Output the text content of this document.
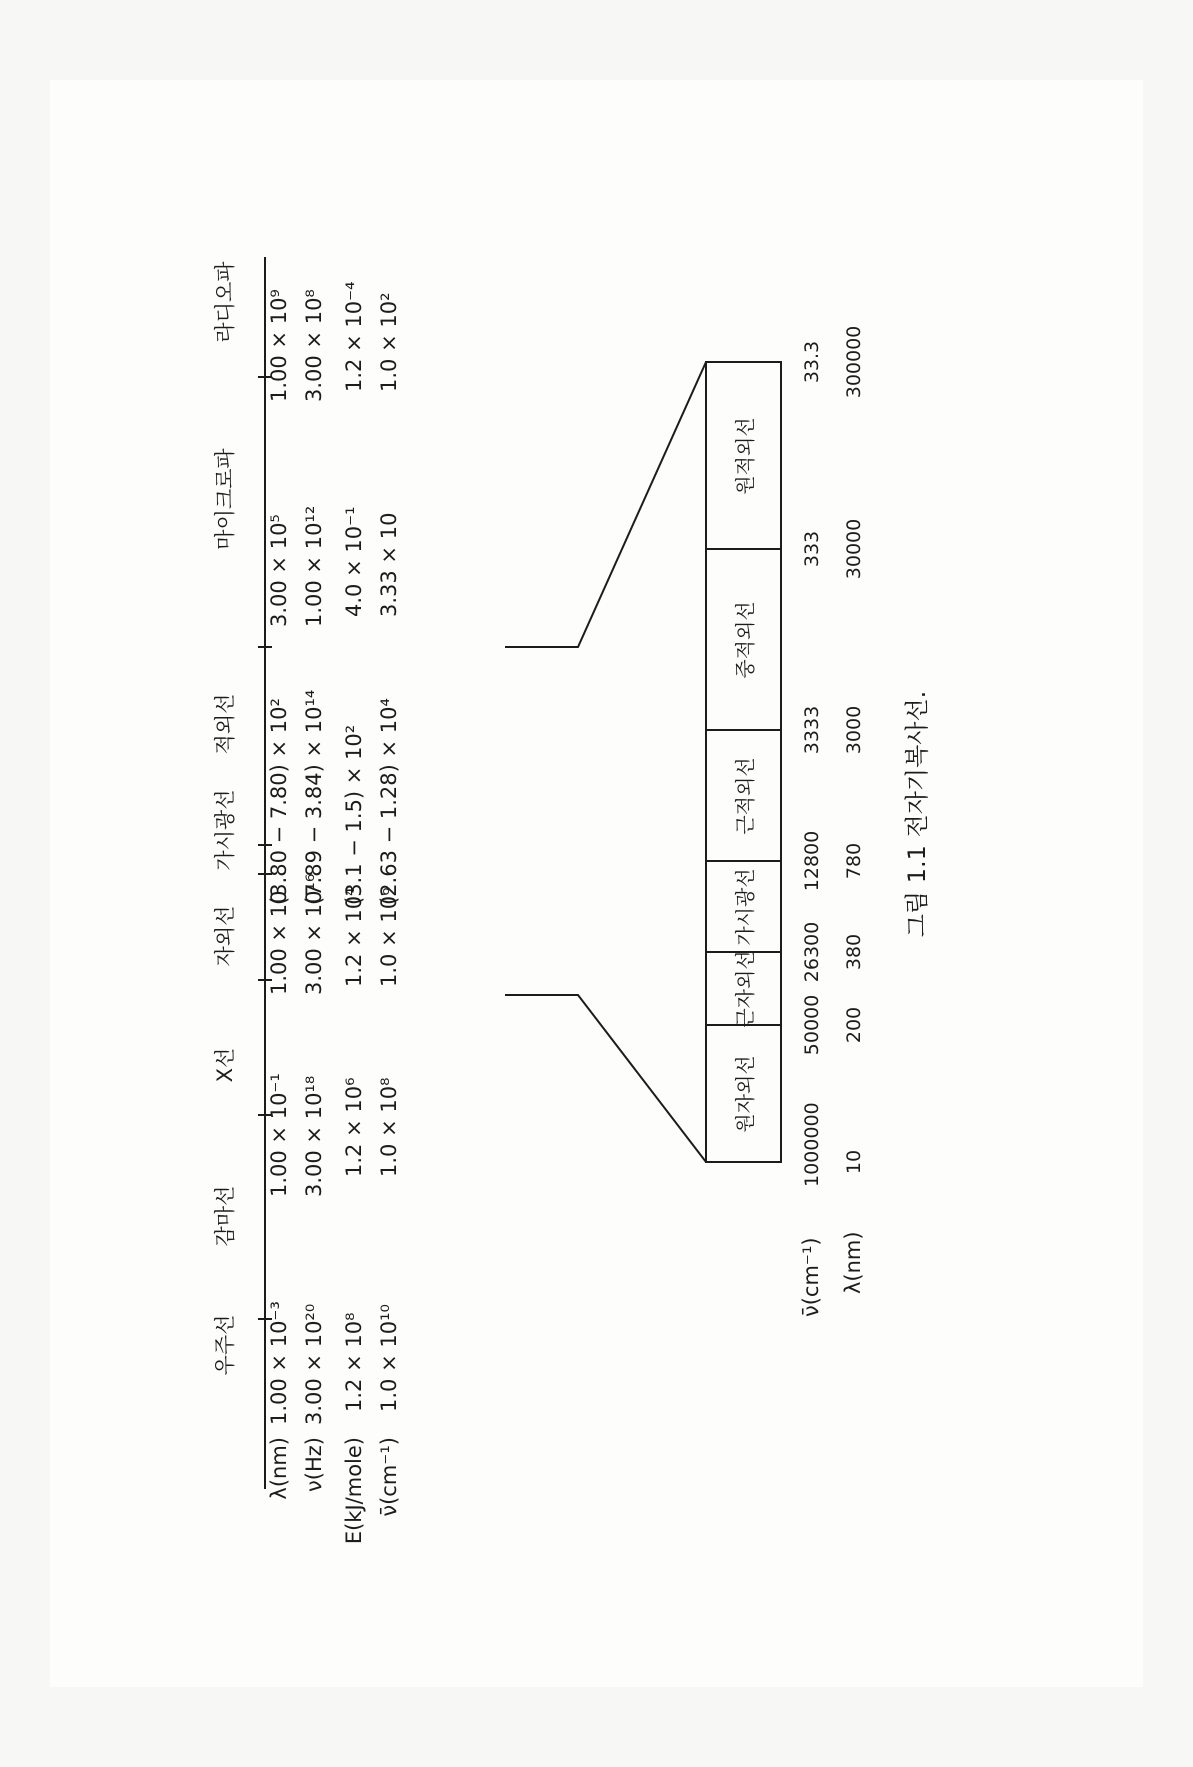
우주선
감마선
X선
자외선
가시광선
적외선
마이크로파
라디오파
λ(nm) ν(Hz) E(kJ/mole) ν̄(cm⁻¹)
1.00 × 10⁻³
1.00 × 10⁻¹
1.00 × 10
(3.80 − 7.80) × 10²
3.00 × 10⁵
1.00 × 10⁹
3.00 × 10²⁰
3.00 × 10¹⁸
3.00 × 10¹⁶
(7.89 − 3.84) × 10¹⁴
1.00 × 10¹²
3.00 × 10⁸
1.2 × 10⁸
1.2 × 10⁶
1.2 × 10⁴
(3.1 − 1.5) × 10²
4.0 × 10⁻¹
1.2 × 10⁻⁴
1.0 × 10¹⁰
1.0 × 10⁸
1.0 × 10⁶
(2.63 − 1.28) × 10⁴
3.33 × 10
1.0 × 10²
원자외선
근자외선
가시광선
근적외선
중적외선
원적외선
ν̄(cm⁻¹) λ(nm)
1000000
50000
26300
12800
3333
333
33.3
10
200
380
780
3000
30000
300000
그림 1.1 전자기복사선.
